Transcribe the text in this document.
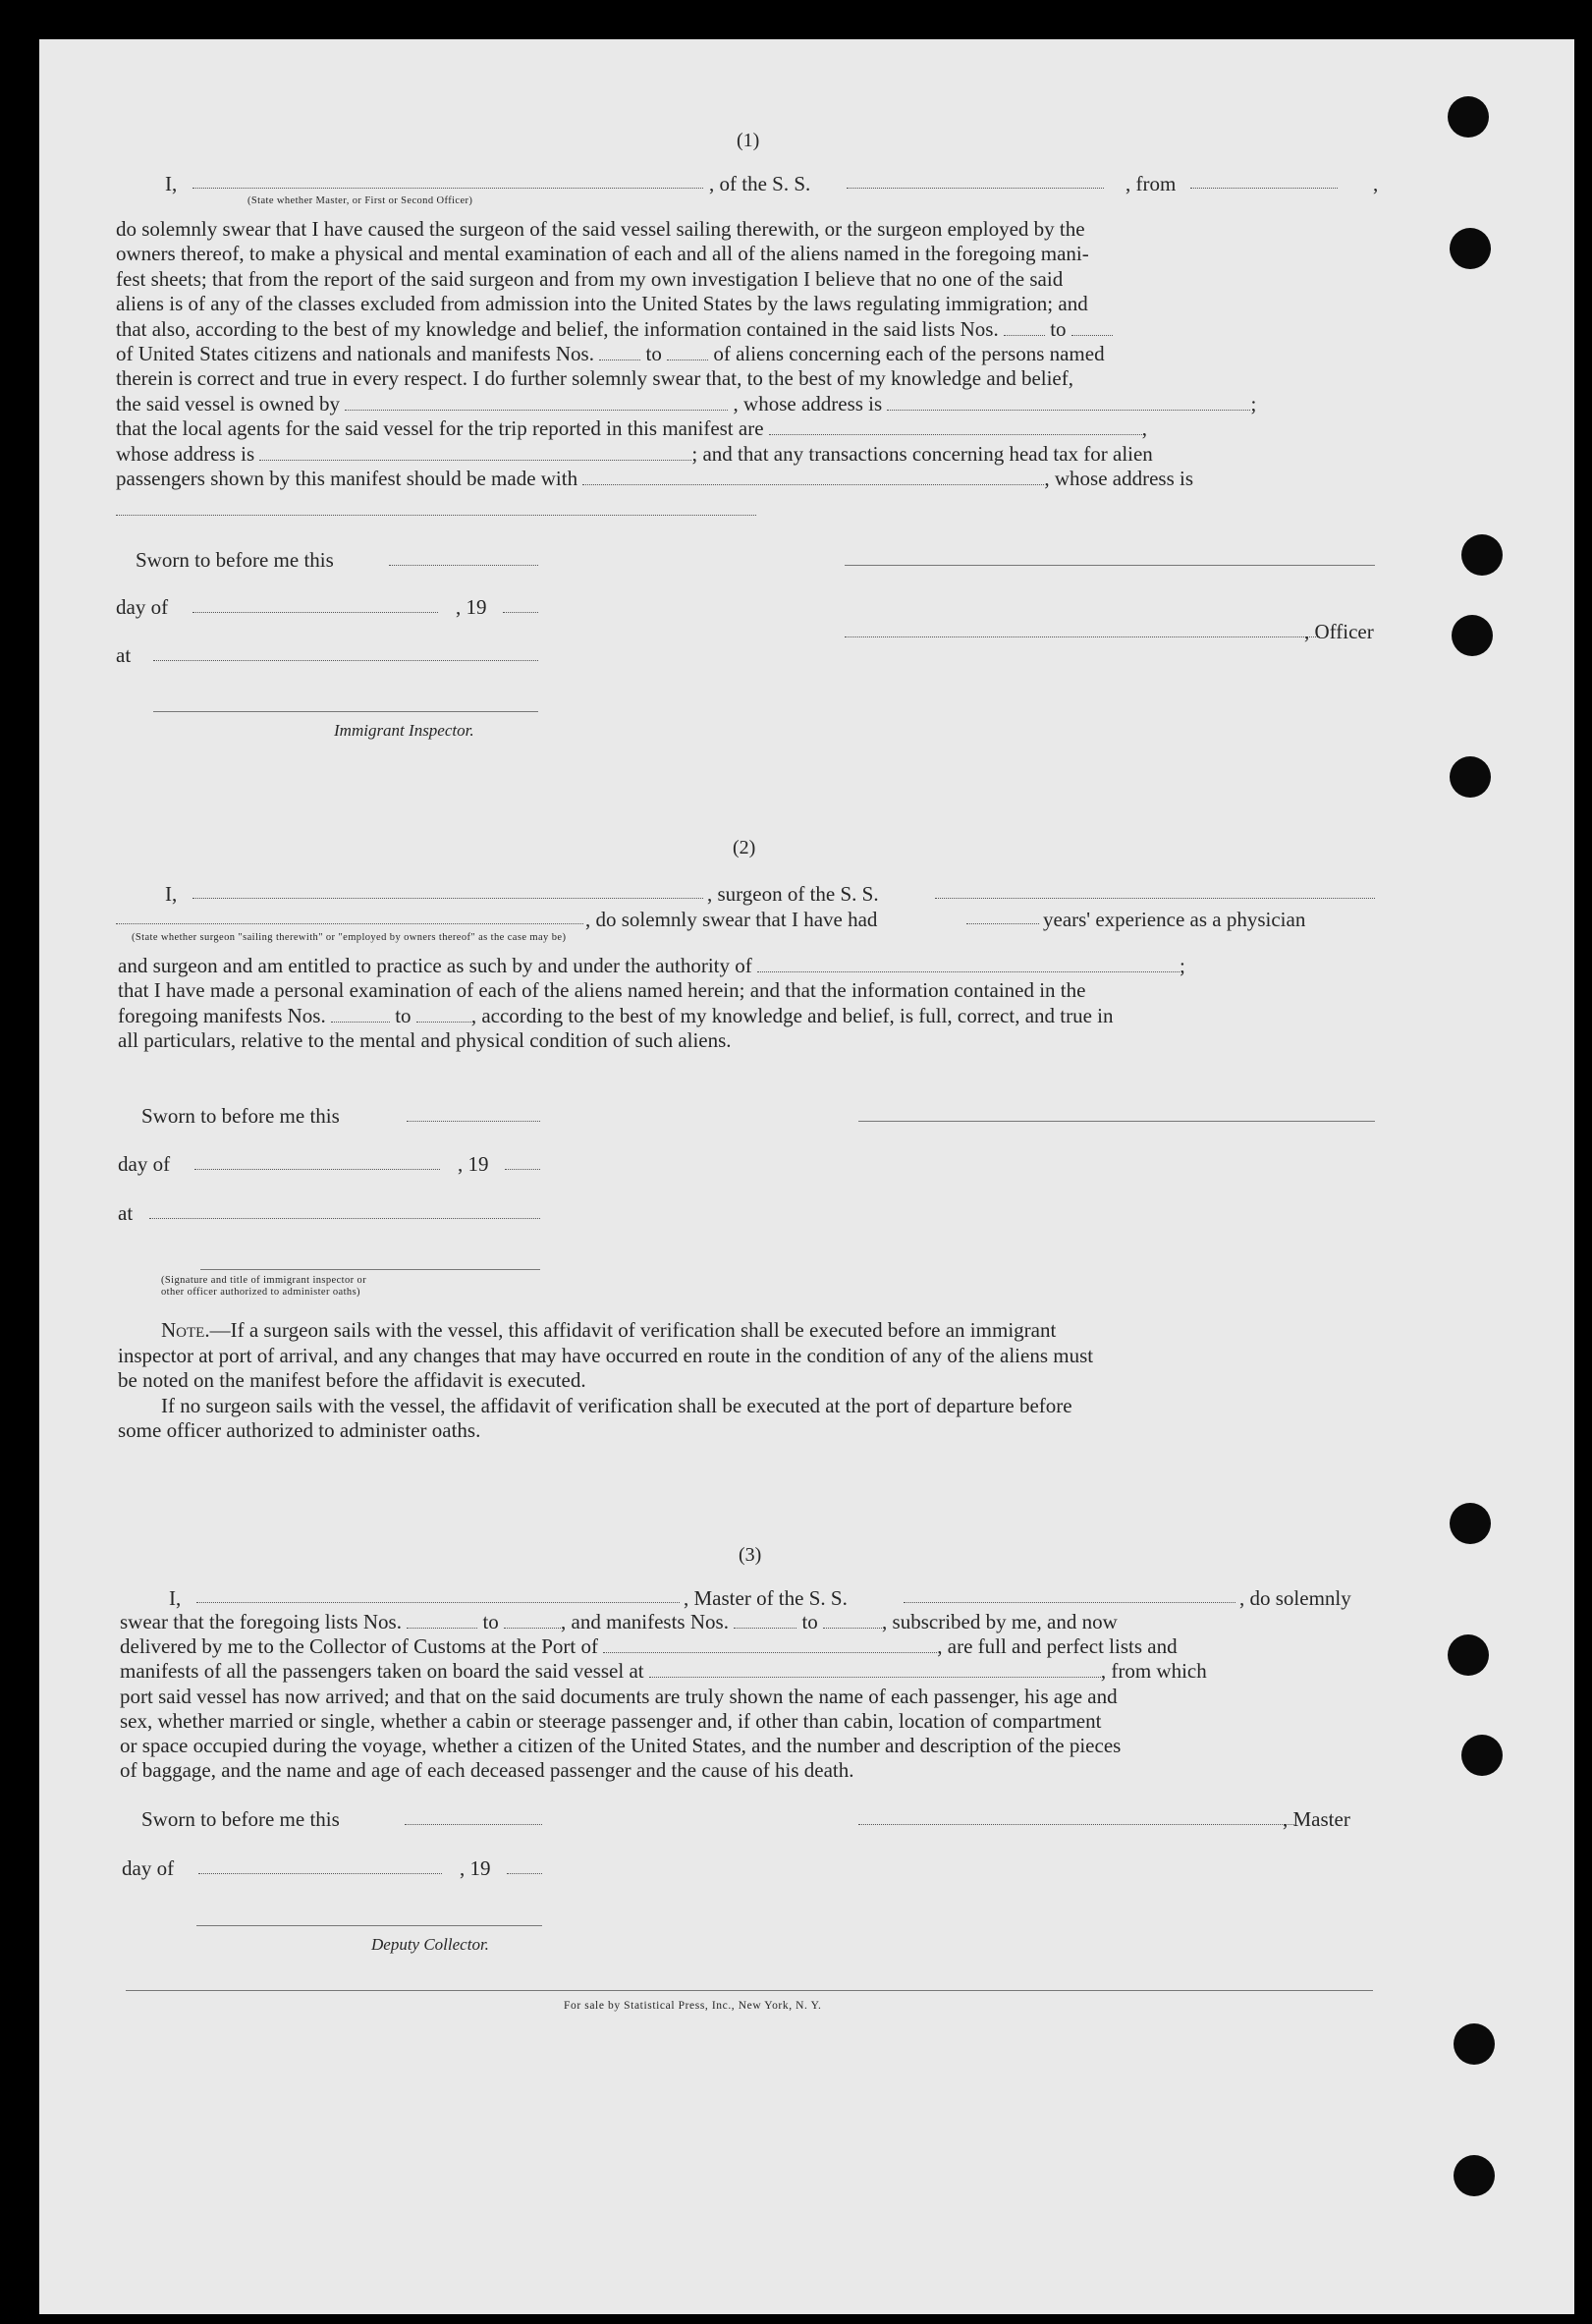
(1)
I,	, of the S. S.	, from	,
(State whether Master, or First or Second Officer)
do solemnly swear that I have caused the surgeon of the said vessel sailing therewith, or the surgeon employed by the
owners thereof, to make a physical and mental examination of each and all of the aliens named in the foregoing mani-
fest sheets; that from the report of the said surgeon and from my own investigation I believe that no one of the said
aliens is of any of the classes excluded from admission into the United States by the laws regulating immigration; and
that also, according to the best of my knowledge and belief, the information contained in the said lists Nos.	to
of United States citizens and nationals and manifests Nos.	to	of aliens concerning each of the persons named
therein is correct and true in every respect. I do further solemnly swear that, to the best of my knowledge and belief,
the said vessel is owned by	, whose address is	;
that the local agents for the said vessel for the trip reported in this manifest are	,
whose address is	; and that any transactions concerning head tax for alien
passengers shown by this manifest should be made with	, whose address is
Sworn to before me this
day of	, 19
, Officer
at
Immigrant Inspector.
(2)
I,	, surgeon of the S. S.
, do solemnly swear that I have had	years' experience as a physician
(State whether surgeon "sailing therewith" or "employed by owners thereof" as the case may be)
and surgeon and am entitled to practice as such by and under the authority of	;
that I have made a personal examination of each of the aliens named herein; and that the information contained in the
foregoing manifests Nos.	to	, according to the best of my knowledge and belief, is full, correct, and true in
all particulars, relative to the mental and physical condition of such aliens.
Sworn to before me this
day of	, 19
at
(Signature and title of immigrant inspector or
other officer authorized to administer oaths)
Note.—If a surgeon sails with the vessel, this affidavit of verification shall be executed before an immigrant
inspector at port of arrival, and any changes that may have occurred en route in the condition of any of the aliens must
be noted on the manifest before the affidavit is executed.
If no surgeon sails with the vessel, the affidavit of verification shall be executed at the port of departure before
some officer authorized to administer oaths.
(3)
I,	, Master of the S. S.	, do solemnly
swear that the foregoing lists Nos.	to	, and manifests Nos.	to	, subscribed by me, and now
delivered by me to the Collector of Customs at the Port of	, are full and perfect lists and
manifests of all the passengers taken on board the said vessel at	, from which
port said vessel has now arrived; and that on the said documents are truly shown the name of each passenger, his age and
sex, whether married or single, whether a cabin or steerage passenger and, if other than cabin, location of compartment
or space occupied during the voyage, whether a citizen of the United States, and the number and description of the pieces
of baggage, and the name and age of each deceased passenger and the cause of his death.
Sworn to before me this	, Master
day of	, 19
Deputy Collector.
For sale by Statistical Press, Inc., New York, N. Y.
